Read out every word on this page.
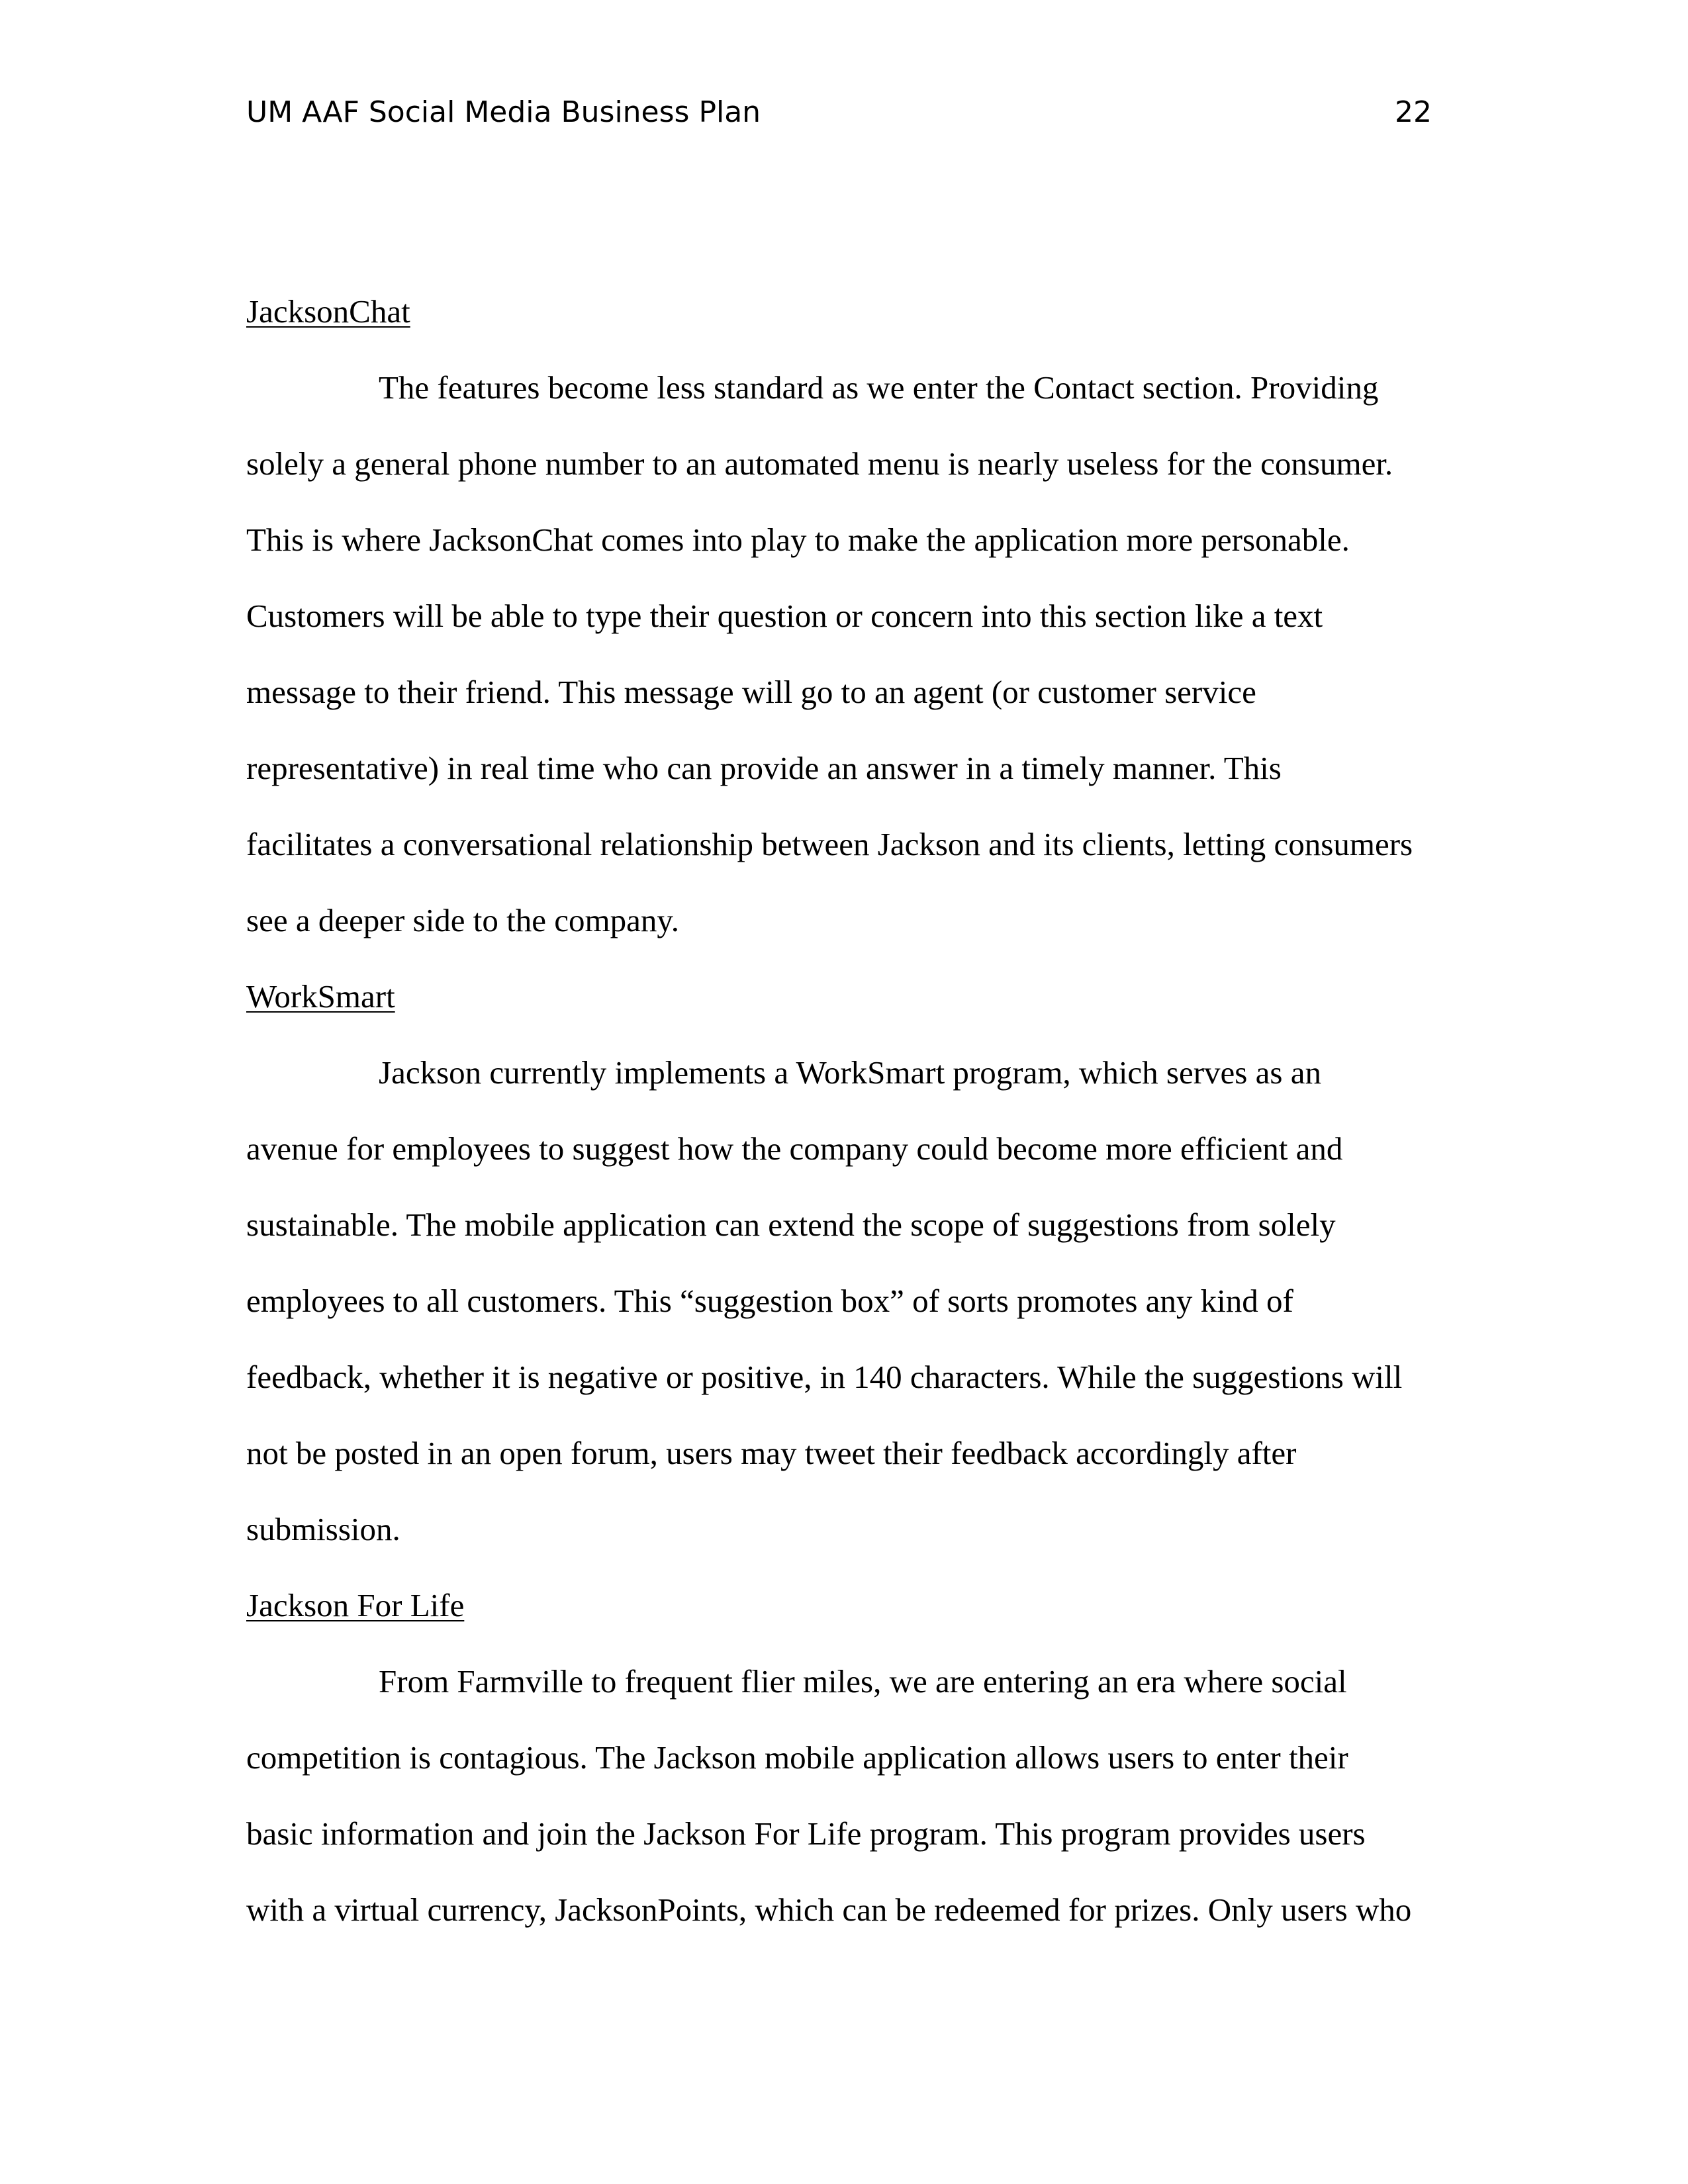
UM AAF Social Media Business Plan	22
JacksonChat
The features become less standard as we enter the Contact section. Providing
solely a general phone number to an automated menu is nearly useless for the consumer.
This is where JacksonChat comes into play to make the application more personable.
Customers will be able to type their question or concern into this section like a text
message to their friend. This message will go to an agent (or customer service
representative) in real time who can provide an answer in a timely manner. This
facilitates a conversational relationship between Jackson and its clients, letting consumers
see a deeper side to the company.
WorkSmart
Jackson currently implements a WorkSmart program, which serves as an
avenue for employees to suggest how the company could become more efficient and
sustainable. The mobile application can extend the scope of suggestions from solely
employees to all customers. This “suggestion box” of sorts promotes any kind of
feedback, whether it is negative or positive, in 140 characters. While the suggestions will
not be posted in an open forum, users may tweet their feedback accordingly after
submission.
Jackson For Life
From Farmville to frequent flier miles, we are entering an era where social
competition is contagious. The Jackson mobile application allows users to enter their
basic information and join the Jackson For Life program. This program provides users
with a virtual currency, JacksonPoints, which can be redeemed for prizes. Only users who
